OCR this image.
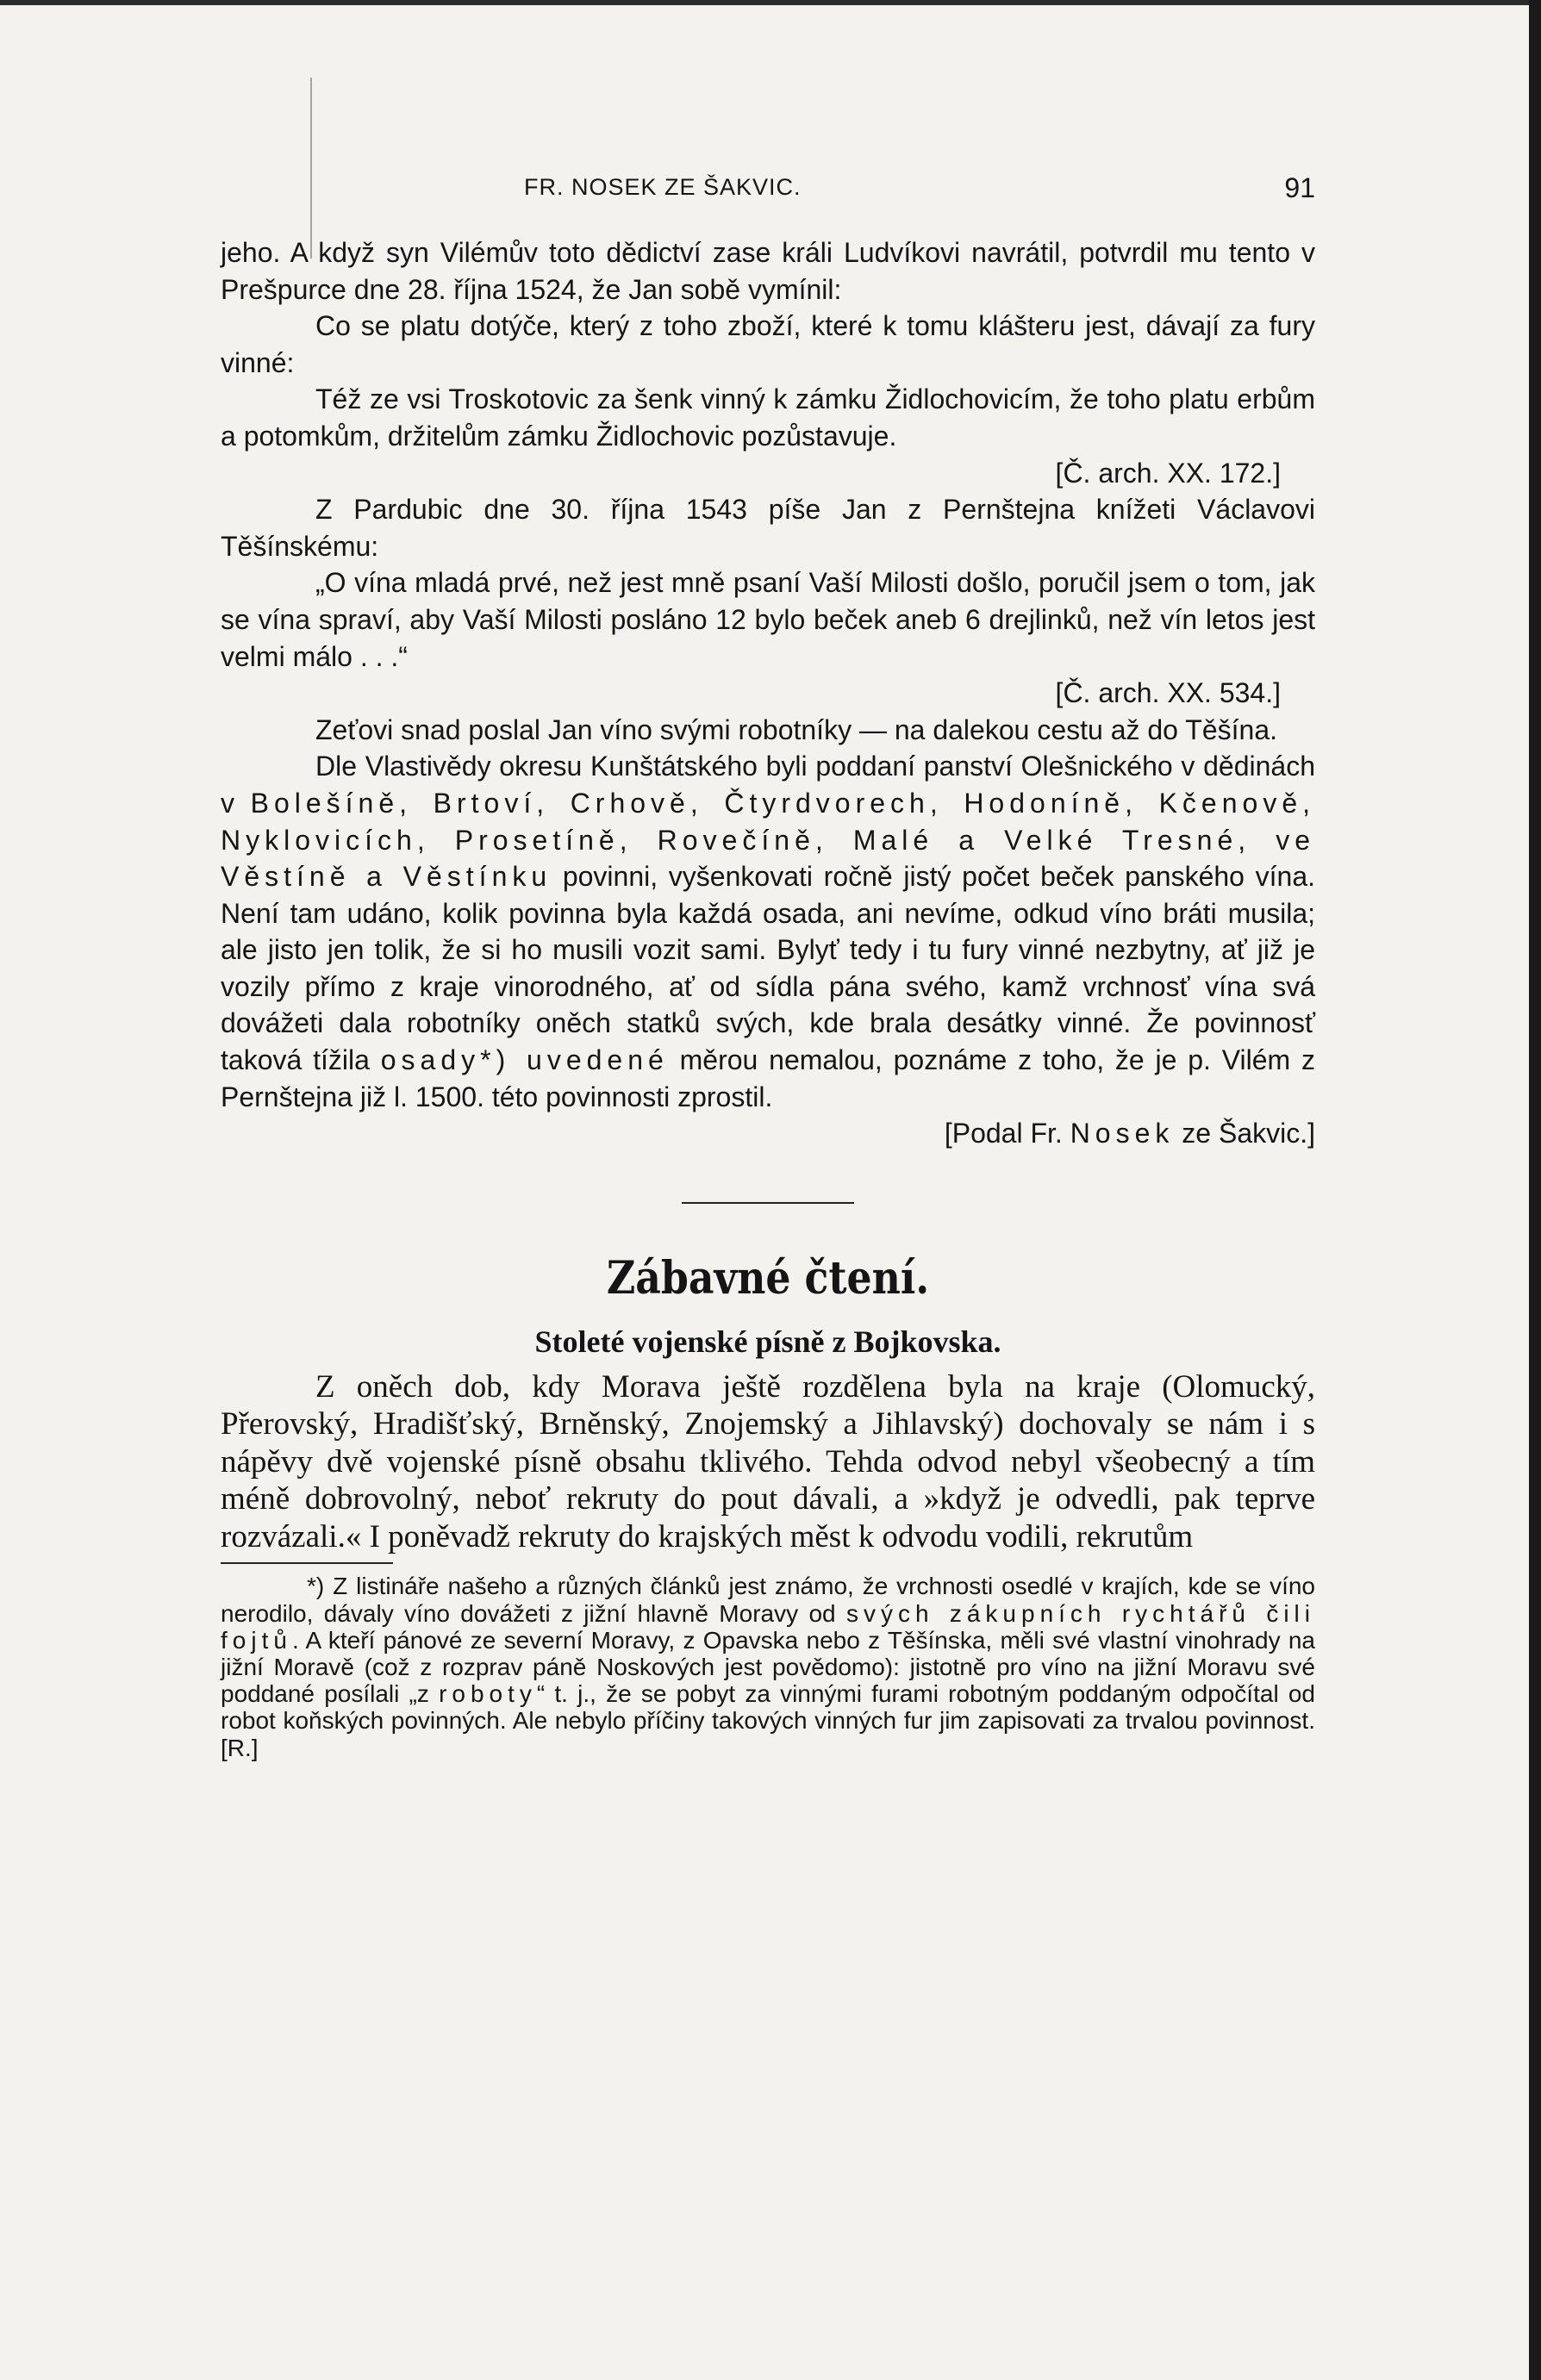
FR. NOSEK ZE ŠAKVIC.	91

jeho. A když syn Vilémův toto dědictví zase králi Ludvíkovi navrátil, potvrdil mu tento v Prešpurce dne 28. října 1524, že Jan sobě vymínil:

Co se platu dotýče, který z toho zboží, které k tomu klášteru jest, dávají za fury vinné:

Též ze vsi Troskotovic za šenk vinný k zámku Židlochovicím, že toho platu erbům a potomkům, držitelům zámku Židlochovic pozůstavuje.

[Č. arch. XX. 172.]

Z Pardubic dne 30. října 1543 píše Jan z Pernštejna knížeti Václavovi Těšínskému:

„O vína mladá prvé, než jest mně psaní Vaší Milosti došlo, poručil jsem o tom, jak se vína spraví, aby Vaší Milosti posláno 12 bylo beček aneb 6 drejlinků, než vín letos jest velmi málo . . .“

[Č. arch. XX. 534.]

Zeťovi snad poslal Jan víno svými robotníky — na dalekou cestu až do Těšína.

Dle Vlastivědy okresu Kunštátského byli poddaní panství Olešnického v dědinách v Bolešíně, Brtoví, Crhově, Čtyrdvorech, Hodoníně, Kčenově, Nyklovicích, Prosetíně, Rovečíně, Malé a Velké Tresné, ve Věstíně a Věstínku povinni, vyšenkovati ročně jistý počet beček panského vína. Není tam udáno, kolik povinna byla každá osada, ani nevíme, odkud víno bráti musila; ale jisto jen tolik, že si ho musili vozit sami. Bylyť tedy i tu fury vinné nezbytny, ať již je vozily přímo z kraje vinorodného, ať od sídla pána svého, kamž vrchnosť vína svá dovážeti dala robotníky oněch statků svých, kde brala desátky vinné. Že povinnosť taková tížila osady*) uvedené měrou nemalou, poznáme z toho, že je p. Vilém z Pernštejna již l. 1500. této povinnosti zprostil.

[Podal Fr. Nosek ze Šakvic.]

Zábavné čtení.
Stoleté vojenské písně z Bojkovska.

Z oněch dob, kdy Morava ještě rozdělena byla na kraje (Olomucký, Přerovský, Hradišťský, Brněnský, Znojemský a Jihlavský) dochovaly se nám i s nápěvy dvě vojenské písně obsahu tklivého. Tehda odvod nebyl všeobecný a tím méně dobrovolný, neboť rekruty do pout dávali, a »když je odvedli, pak teprve rozvázali.« I poněvadž rekruty do krajských měst k odvodu vodili, rekrutům

*) Z listináře našeho a různých článků jest známo, že vrchnosti osedlé v krajích, kde se víno nerodilo, dávaly víno dovážeti z jižní hlavně Moravy od svých zákupních rychtářů čili fojtů. A kteří pánové ze severní Moravy, z Opavska nebo z Těšínska, měli své vlastní vinohrady na jižní Moravě (což z rozprav páně Noskových jest povědomo): jistotně pro víno na jižní Moravu své poddané posílali „z roboty“ t. j., že se pobyt za vinnými furami robotným poddaným odpočítal od robot koňských povinných. Ale nebylo příčiny takových vinných fur jim zapisovati za trvalou povinnost. [R.]
